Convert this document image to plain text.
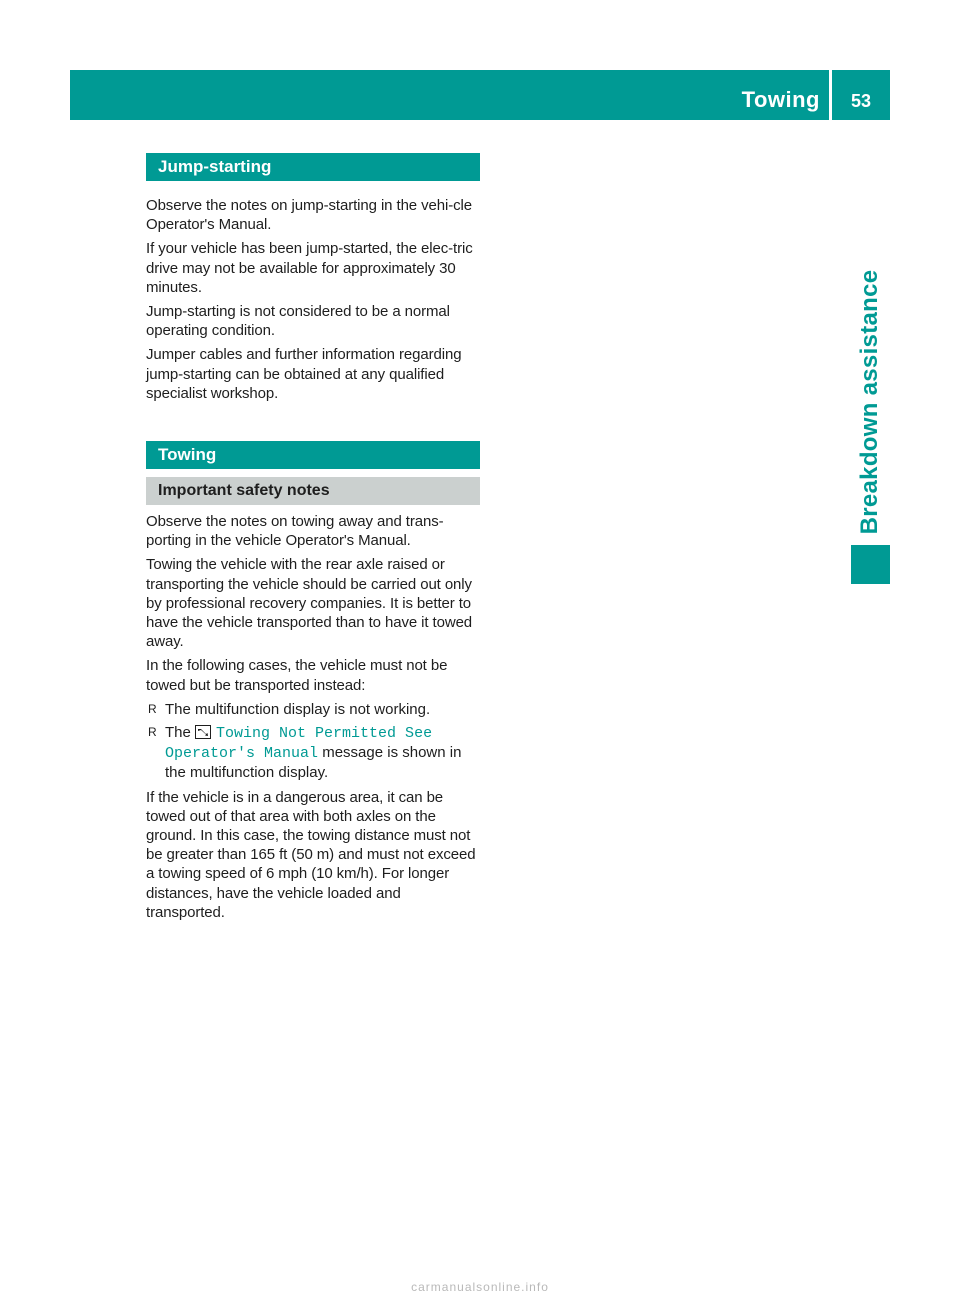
Towing	53
Breakdown assistance
Jump-starting

Observe the notes on jump-starting in the vehi-cle Operator's Manual.

If your vehicle has been jump-started, the elec-tric drive may not be available for approximately 30 minutes.

Jump-starting is not considered to be a normal operating condition.

Jumper cables and further information regarding jump-starting can be obtained at any qualified specialist workshop.

Towing
Important safety notes

Observe the notes on towing away and trans-porting in the vehicle Operator's Manual.

Towing the vehicle with the rear axle raised or transporting the vehicle should be carried out only by professional recovery companies. It is better to have the vehicle transported than to have it towed away.

In the following cases, the vehicle must not be towed but be transported instead:

R The multifunction display is not working.
R The Towing Not Permitted See Operator's Manual message is shown in the multifunction display.

If the vehicle is in a dangerous area, it can be towed out of that area with both axles on the ground. In this case, the towing distance must not be greater than 165 ft (50 m) and must not exceed a towing speed of 6 mph (10 km/h). For longer distances, have the vehicle loaded and transported.

carmanualsonline.info
